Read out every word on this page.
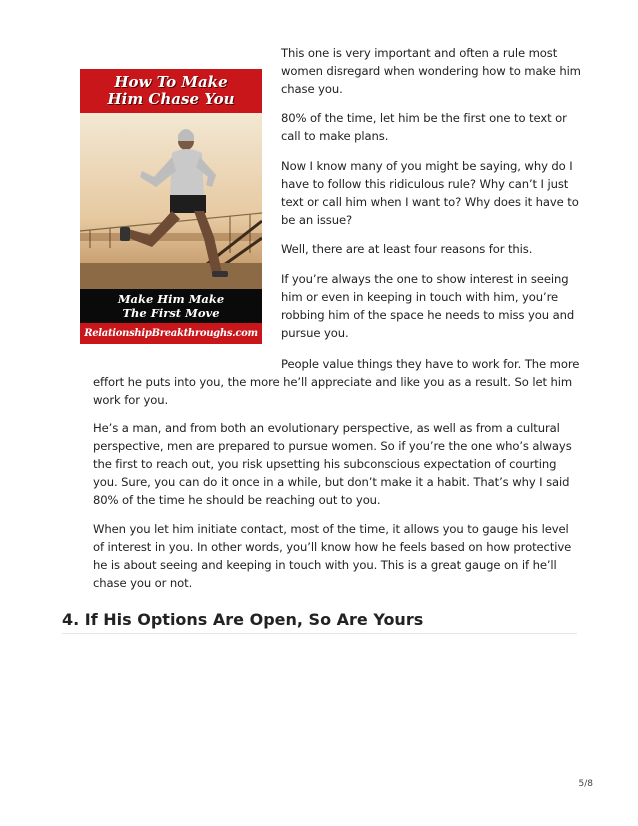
How To Make
Him Chase You
Make Him Make
The First Move
RelationshipBreakthroughs.com

This one is very important and often a rule most women disregard when wondering how to make him chase you.

80% of the time, let him be the first one to text or call to make plans.

Now I know many of you might be saying, why do I have to follow this ridiculous rule? Why can’t I just text or call him when I want to? Why does it have to be an issue?

Well, there are at least four reasons for this.

If you’re always the one to show interest in seeing him or even in keeping in touch with him, you’re robbing him of the space he needs to miss you and pursue you.

People value things they have to work for. The more effort he puts into you, the more he’ll appreciate and like you as a result. So let him work for you.

He’s a man, and from both an evolutionary perspective, as well as from a cultural perspective, men are prepared to pursue women. So if you’re the one who’s always the first to reach out, you risk upsetting his subconscious expectation of courting you. Sure, you can do it once in a while, but don’t make it a habit. That’s why I said 80% of the time he should be reaching out to you.

When you let him initiate contact, most of the time, it allows you to gauge his level of interest in you. In other words, you’ll know how he feels based on how protective he is about seeing and keeping in touch with you. This is a great gauge on if he’ll chase you or not.

4. If His Options Are Open, So Are Yours
5/8
